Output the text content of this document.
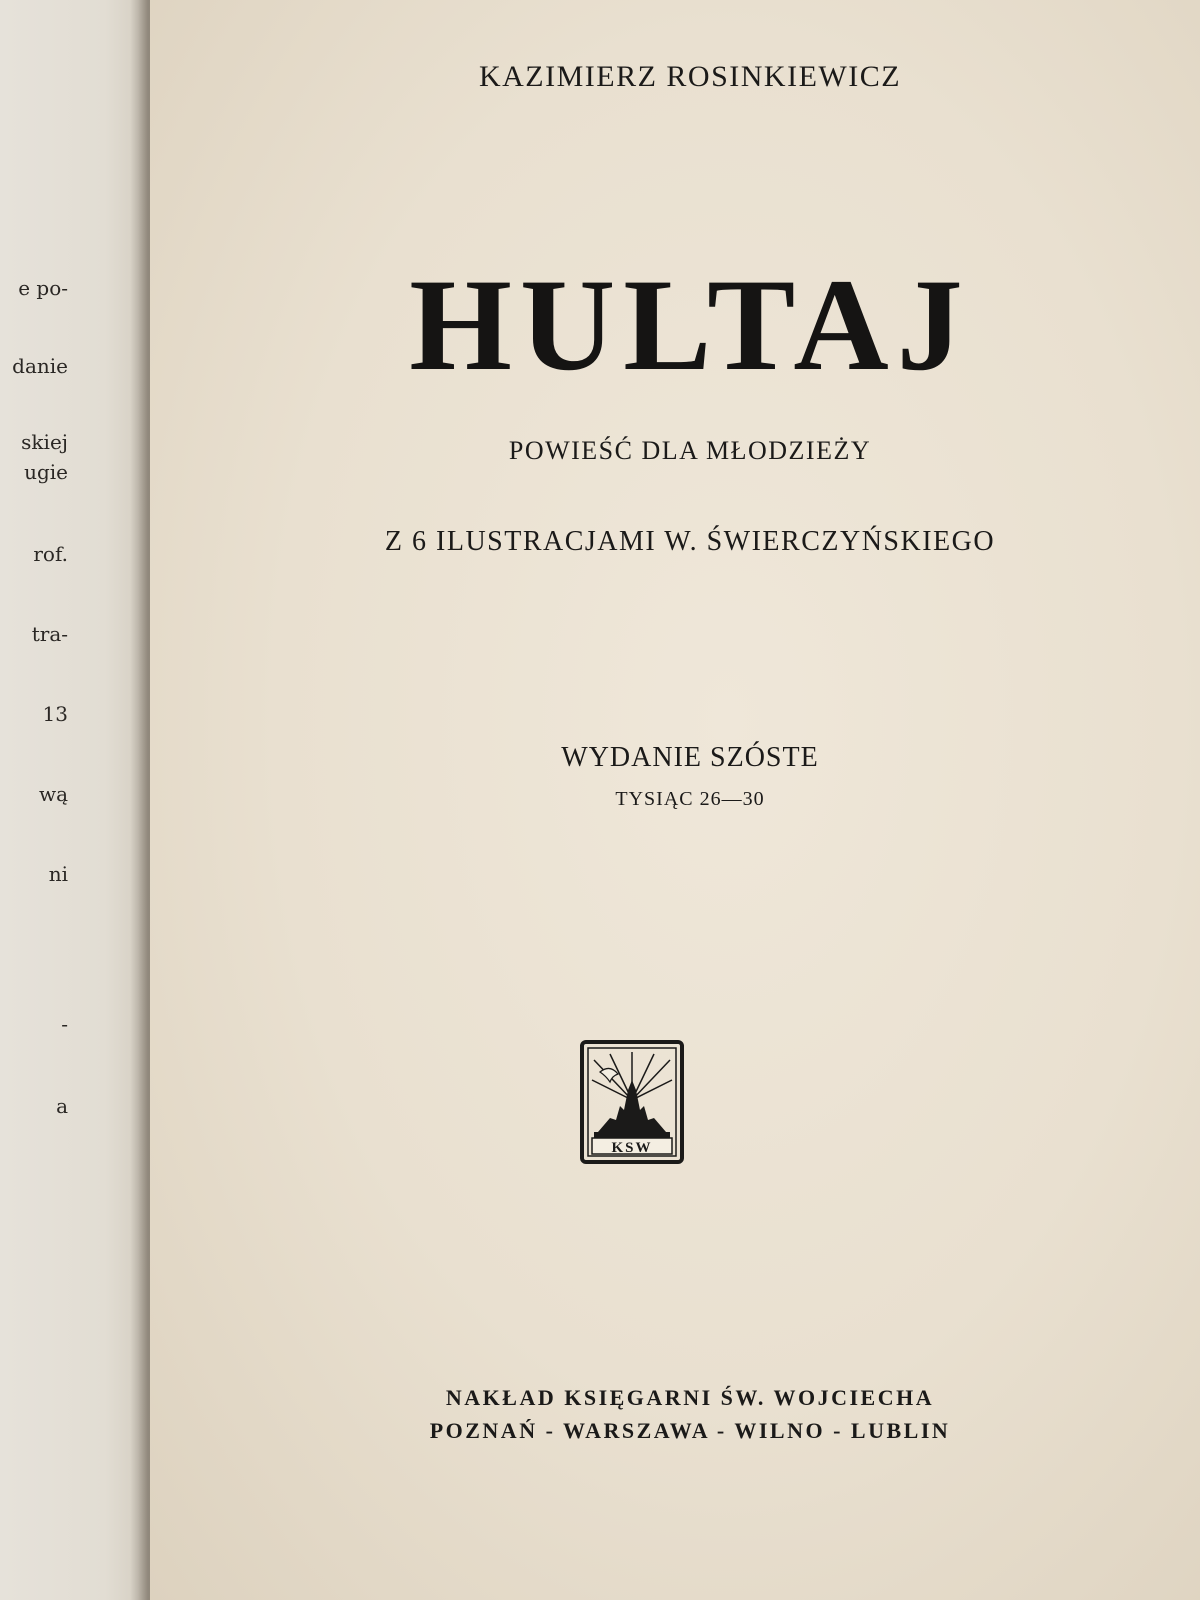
e po-

danie

skiej

ugie

rof.

tra-

13

wą

ni

-

a

KAZIMIERZ ROSINKIEWICZ

HULTAJ

POWIEŚĆ DLA MŁODZIEŻY

Z 6 ILUSTRACJAMI W. ŚWIERCZYŃSKIEGO

WYDANIE SZÓSTE

TYSIĄC 26—30

KSW

NAKŁAD KSIĘGARNI ŚW. WOJCIECHA

POZNAŃ - WARSZAWA - WILNO - LUBLIN
